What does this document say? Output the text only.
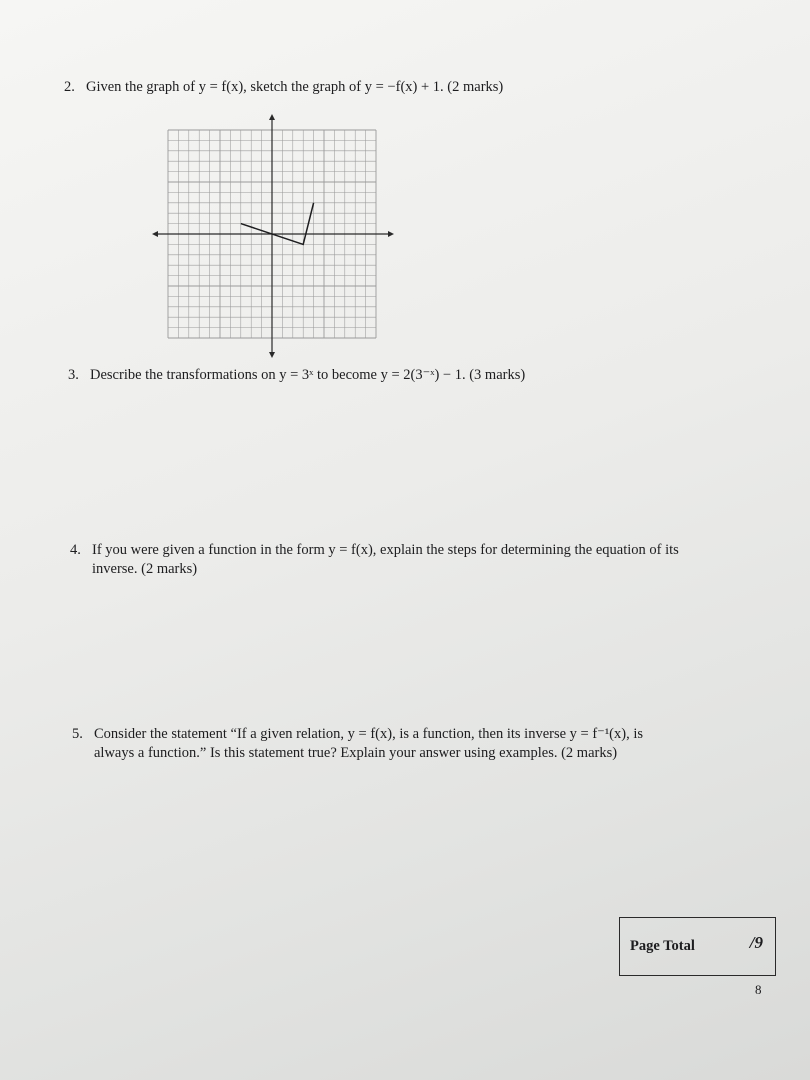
2. Given the graph of y = f(x), sketch the graph of y = −f(x) + 1. (2 marks)
3. Describe the transformations on y = 3ˣ to become y = 2(3⁻ˣ) − 1. (3 marks)
4. If you were given a function in the form y = f(x), explain the steps for determining the equation of its
inverse. (2 marks)
5. Consider the statement “If a given relation, y = f(x), is a function, then its inverse y = f⁻¹(x), is
always a function.” Is this statement true? Explain your answer using examples. (2 marks)
Page Total	/9
8
